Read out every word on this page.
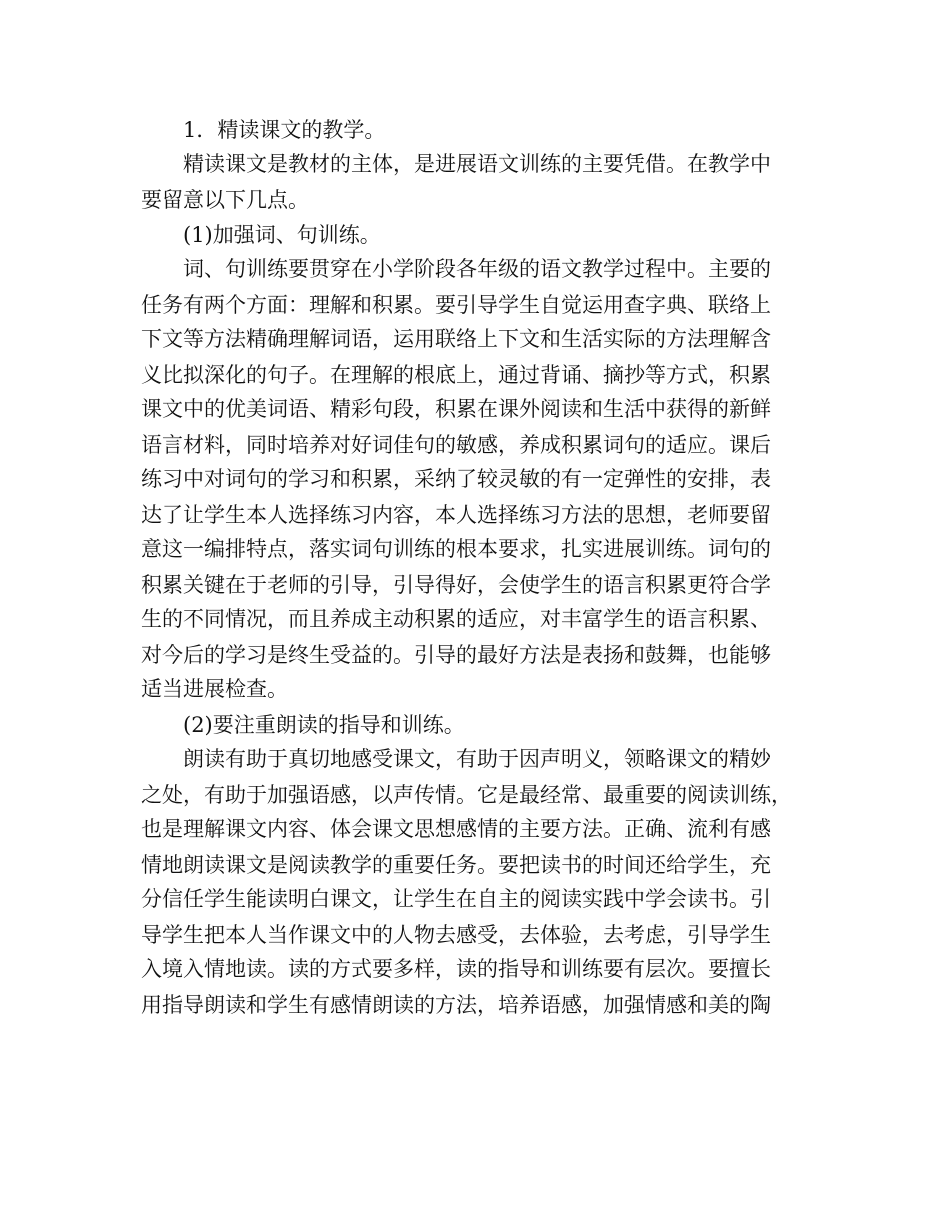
1．精读课文的教学。
精读课文是教材的主体，是进展语文训练的主要凭借。在教学中
要留意以下几点。
(1)加强词、句训练。
词、句训练要贯穿在小学阶段各年级的语文教学过程中。主要的
任务有两个方面：理解和积累。要引导学生自觉运用查字典、联络上
下文等方法精确理解词语，运用联络上下文和生活实际的方法理解含
义比拟深化的句子。在理解的根底上，通过背诵、摘抄等方式，积累
课文中的优美词语、精彩句段，积累在课外阅读和生活中获得的新鲜
语言材料，同时培养对好词佳句的敏感，养成积累词句的适应。课后
练习中对词句的学习和积累，采纳了较灵敏的有一定弹性的安排，表
达了让学生本人选择练习内容，本人选择练习方法的思想，老师要留
意这一编排特点，落实词句训练的根本要求，扎实进展训练。词句的
积累关键在于老师的引导，引导得好，会使学生的语言积累更符合学
生的不同情况，而且养成主动积累的适应，对丰富学生的语言积累、
对今后的学习是终生受益的。引导的最好方法是表扬和鼓舞，也能够
适当进展检查。
(2)要注重朗读的指导和训练。
朗读有助于真切地感受课文，有助于因声明义，领略课文的精妙
之处，有助于加强语感，以声传情。它是最经常、最重要的阅读训练，
也是理解课文内容、体会课文思想感情的主要方法。正确、流利有感
情地朗读课文是阅读教学的重要任务。要把读书的时间还给学生，充
分信任学生能读明白课文，让学生在自主的阅读实践中学会读书。引
导学生把本人当作课文中的人物去感受，去体验，去考虑，引导学生
入境入情地读。读的方式要多样，读的指导和训练要有层次。要擅长
用指导朗读和学生有感情朗读的方法，培养语感，加强情感和美的陶
